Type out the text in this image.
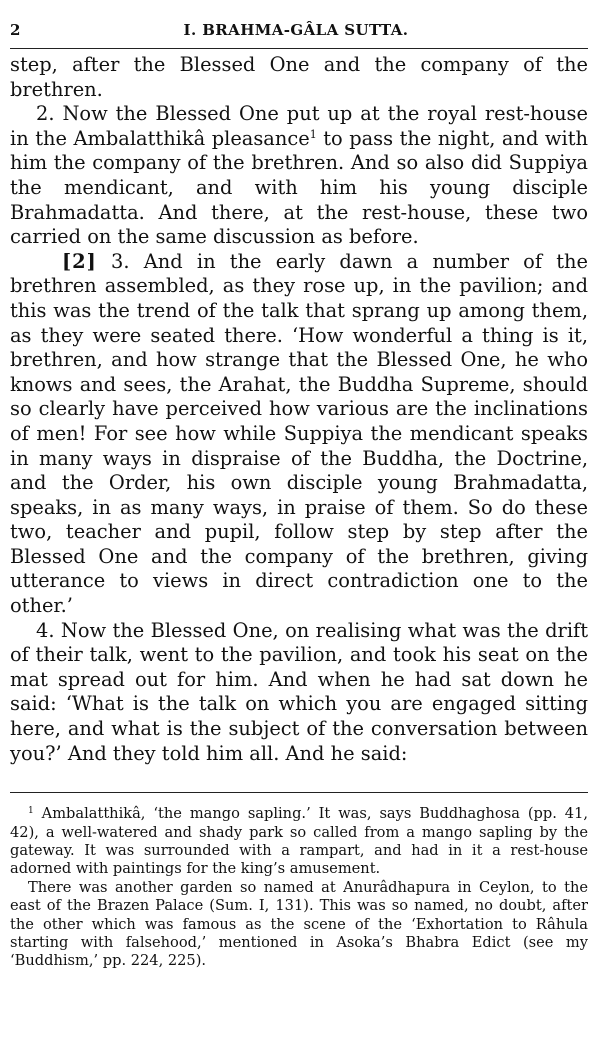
2	I. BRAHMA-GÂLA SUTTA.

step, after the Blessed One and the company of the brethren.

2. Now the Blessed One put up at the royal rest-house in the Ambalatthikâ pleasance$^1$ to pass the night, and with him the company of the brethren. And so also did Suppiya the mendicant, and with him his young disciple Brahmadatta. And there, at the rest-house, these two carried on the same discussion as before.

[2] 3. And in the early dawn a number of the brethren assembled, as they rose up, in the pavilion; and this was the trend of the talk that sprang up among them, as they were seated there. ‘How wonderful a thing is it, brethren, and how strange that the Blessed One, he who knows and sees, the Arahat, the Buddha Supreme, should so clearly have perceived how various are the inclinations of men! For see how while Suppiya the mendicant speaks in many ways in dispraise of the Buddha, the Doctrine, and the Order, his own disciple young Brahmadatta, speaks, in as many ways, in praise of them. So do these two, teacher and pupil, follow step by step after the Blessed One and the company of the brethren, giving utterance to views in direct contradiction one to the other.’

4. Now the Blessed One, on realising what was the drift of their talk, went to the pavilion, and took his seat on the mat spread out for him. And when he had sat down he said: ‘What is the talk on which you are engaged sitting here, and what is the subject of the conversation between you?’ And they told him all. And he said:

$^1$ Ambalatthikâ, ‘the mango sapling.’ It was, says Buddhaghosa (pp. 41, 42), a well-watered and shady park so called from a mango sapling by the gateway. It was surrounded with a rampart, and had in it a rest-house adorned with paintings for the king’s amusement.

There was another garden so named at Anurâdhapura in Ceylon, to the east of the Brazen Palace (Sum. I, 131). This was so named, no doubt, after the other which was famous as the scene of the ‘Exhortation to Râhula starting with falsehood,’ mentioned in Asoka’s Bhabra Edict (see my ‘Buddhism,’ pp. 224, 225).
